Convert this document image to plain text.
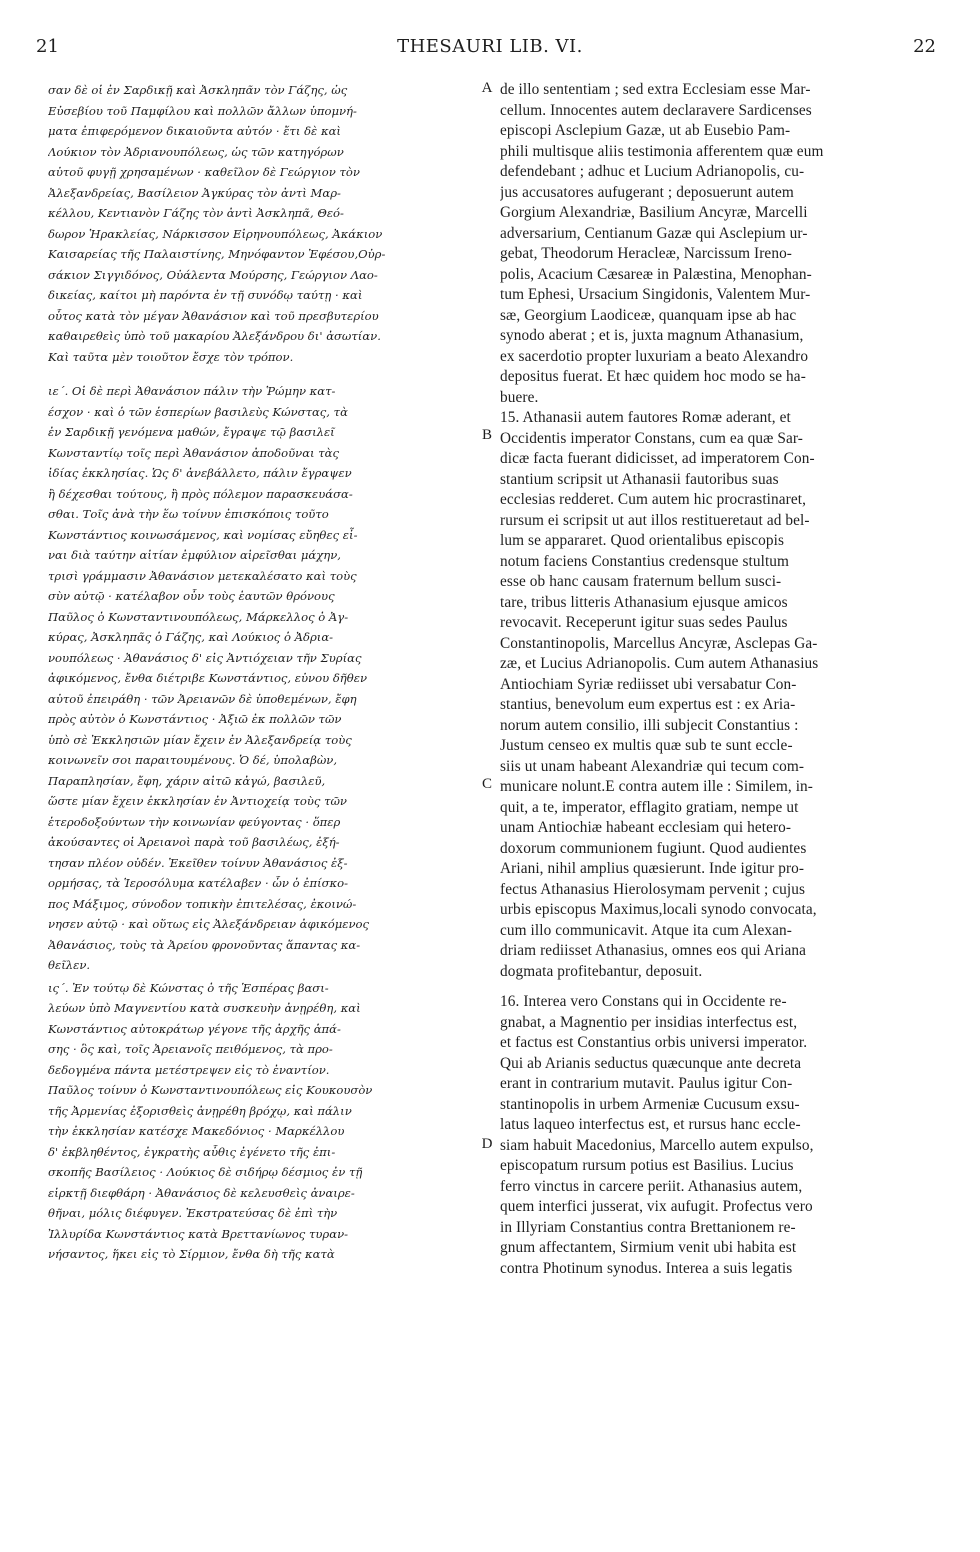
21	THESAURI LIB. VI.	22
A
B
C
D
σαν δὲ οἱ ἐν Σαρδικῇ καὶ Ἀσκληπᾶν τὸν Γάζης, ὡς
Εὐσεβίου τοῦ Παμφίλου καὶ πολλῶν ἄλλων ὑπομνή-
ματα ἐπιφερόμενον δικαιοῦντα αὐτόν · ἔτι δὲ καὶ
Λούκιον τὸν Ἀδριανουπόλεως, ὡς τῶν κατηγόρων
αὐτοῦ φυγῇ χρησαμένων · καθεῖλον δὲ Γεώργιον τὸν
Ἀλεξανδρείας, Βασίλειον Ἀγκύρας τὸν ἀντὶ Μαρ-
κέλλου, Κεντιανὸν Γάζης τὸν ἀντὶ Ἀσκληπᾶ, Θεό-
δωρον Ἡρακλείας, Νάρκισσον Εἰρηνουπόλεως, Ἀκάκιον
Καισαρείας τῆς Παλαιστίνης, Μηνόφαντον Ἐφέσου,Οὐρ-
σάκιον Σιγγιδόνος, Οὐάλεντα Μούρσης, Γεώργιον Λαο-
δικείας, καίτοι μὴ παρόντα ἐν τῇ συνόδῳ ταύτῃ · καὶ
οὗτος κατὰ τὸν μέγαν Ἀθανάσιον καὶ τοῦ πρεσβυτερίου
καθαιρεθεὶς ὑπὸ τοῦ μακαρίου Ἀλεξάνδρου δι' ἀσωτίαν.
Καὶ ταῦτα μὲν τοιοῦτον ἔσχε τὸν τρόπον.
ιε΄. Οἱ δὲ περὶ Ἀθανάσιον πάλιν τὴν Ῥώμην κατ-
έσχον · καὶ ὁ τῶν ἑσπερίων βασιλεὺς Κώνστας, τὰ
ἐν Σαρδικῇ γενόμενα μαθών, ἔγραψε τῷ βασιλεῖ
Κωνσταντίῳ τοῖς περὶ Ἀθανάσιον ἀποδοῦναι τὰς
ἰδίας ἐκκλησίας. Ὡς δ' ἀνεβάλλετο, πάλιν ἔγραψεν
ἢ δέχεσθαι τούτους, ἢ πρὸς πόλεμον παρασκευάσα-
σθαι. Τοῖς ἀνὰ τὴν ἕω τοίνυν ἐπισκόποις τοῦτο
Κωνστάντιος κοινωσάμενος, καὶ νομίσας εὔηθες εἶ-
ναι διὰ ταύτην αἰτίαν ἐμφύλιον αἱρεῖσθαι μάχην,
τρισὶ γράμμασιν Ἀθανάσιον μετεκαλέσατο καὶ τοὺς
σὺν αὐτῷ · κατέλαβον οὖν τοὺς ἑαυτῶν θρόνους
Παῦλος ὁ Κωνσταντινουπόλεως, Μάρκελλος ὁ Ἀγ-
κύρας, Ἀσκληπᾶς ὁ Γάζης, καὶ Λούκιος ὁ Ἀδρια-
νουπόλεως · Ἀθανάσιος δ' εἰς Ἀντιόχειαν τῆν Συρίας
ἀφικόμενος, ἔνθα διέτριβε Κωνστάντιος, εὐνου δῆθεν
αὐτοῦ ἐπειράθη · τῶν Ἀρειανῶν δὲ ὑποθεμένων, ἔφη
πρὸς αὐτὸν ὁ Κωνστάντιος · Ἀξιῶ ἐκ πολλῶν τῶν
ὑπὸ σὲ Ἐκκλησιῶν μίαν ἔχειν ἐν Ἀλεξανδρείᾳ τοὺς
κοινωνεῖν σοι παραιτουμένους. Ὁ δέ, ὑπολαβὼν,
Παραπλησίαν, ἔφη, χάριν αἰτῶ κἀγώ, βασιλεῦ,
ὥστε μίαν ἔχειν ἐκκλησίαν ἐν Ἀντιοχείᾳ τοὺς τῶν
ἑτεροδοξούντων τὴν κοινωνίαν φεύγοντας · ὅπερ
ἀκούσαντες οἱ Ἀρειανοὶ παρὰ τοῦ βασιλέως, ἐξή-
τησαν πλέον οὐδέν. Ἐκεῖθεν τοίνυν Ἀθανάσιος ἐξ-
ορμήσας, τὰ Ἱεροσόλυμα κατέλαβεν · ὧν ὁ ἐπίσκο-
πος Μάξιμος, σύνοδον τοπικὴν ἐπιτελέσας, ἐκοινώ-
νησεν αὐτῷ · καὶ οὕτως εἰς Ἀλεξάνδρειαν ἀφικόμενος
Ἀθανάσιος, τοὺς τὰ Ἀρείου φρονοῦντας ἅπαντας κα-
θεῖλεν.
ις΄. Ἐν τούτῳ δὲ Κώνστας ὁ τῆς Ἑσπέρας βασι-
λεύων ὑπὸ Μαγνεντίου κατὰ συσκευὴν ἀνῃρέθη, καὶ
Κωνστάντιος αὐτοκράτωρ γέγονε τῆς ἀρχῆς ἁπά-
σης · ὃς καὶ, τοῖς Ἀρειανοῖς πειθόμενος, τὰ προ-
δεδογμένα πάντα μετέστρεψεν εἰς τὸ ἐναντίον.
Παῦλος τοίνυν ὁ Κωνσταντινουπόλεως εἰς Κουκουσὸν
τῆς Ἀρμενίας ἐξορισθεὶς ἀνῃρέθη βρόχῳ, καὶ πάλιν
τὴν ἐκκλησίαν κατέσχε Μακεδόνιος · Μαρκέλλου
δ' ἐκβληθέντος, ἐγκρατὴς αὖθις ἐγένετο τῆς ἐπι-
σκοπῆς Βασίλειος · Λούκιος δὲ σιδήρῳ δέσμιος ἐν τῇ
εἱρκτῇ διεφθάρη · Ἀθανάσιος δὲ κελευσθεὶς ἀναιρε-
θῆναι, μόλις διέφυγεν. Ἐκστρατεύσας δὲ ἐπὶ τὴν
Ἰλλυρίδα Κωνστάντιος κατὰ Βρεττανίωνος τυραν-
νήσαντος, ἥκει εἰς τὸ Σίρμιον, ἔνθα δὴ τῆς κατὰ
de illo sententiam ; sed extra Ecclesiam esse Mar-
cellum. Innocentes autem declaravere Sardicenses
episcopi Asclepium Gazæ, ut ab Eusebio Pam-
phili multisque aliis testimonia afferentem quæ eum
defendebant ; adhuc et Lucium Adrianopolis, cu-
jus accusatores aufugerant ; deposuerunt autem
Gorgium Alexandriæ, Basilium Ancyræ, Marcelli
adversarium, Centianum Gazæ qui Asclepium ur-
gebat, Theodorum Heracleæ, Narcissum Ireno-
polis, Acacium Cæsareæ in Palæstina, Menophan-
tum Ephesi, Ursacium Singidonis, Valentem Mur-
sæ, Georgium Laodiceæ, quanquam ipse ab hac
synodo aberat ; et is, juxta magnum Athanasium,
ex sacerdotio propter luxuriam a beato Alexandro
depositus fuerat. Et hæc quidem hoc modo se ha-
buere.
15. Athanasii autem fautores Romæ aderant, et
Occidentis imperator Constans, cum ea quæ Sar-
dicæ facta fuerant didicisset, ad imperatorem Con-
stantium scripsit ut Athanasii fautoribus suas
ecclesias redderet. Cum autem hic procrastinaret,
rursum ei scripsit ut aut illos restitueretaut ad bel-
lum se appararet. Quod orientalibus episcopis
notum faciens Constantius credensque stultum
esse ob hanc causam fraternum bellum susci-
tare, tribus litteris Athanasium ejusque amicos
revocavit. Receperunt igitur suas sedes Paulus
Constantinopolis, Marcellus Ancyræ, Asclepas Ga-
zæ, et Lucius Adrianopolis. Cum autem Athanasius
Antiochiam Syriæ rediisset ubi versabatur Con-
stantius, benevolum eum expertus est : ex Aria-
norum autem consilio, illi subjecit Constantius :
Justum censeo ex multis quæ sub te sunt eccle-
siis ut unam habeant Alexandriæ qui tecum com-
municare nolunt.E contra autem ille : Similem, in-
quit, a te, imperator, efflagito gratiam, nempe ut
unam Antiochiæ habeant ecclesiam qui hetero-
doxorum communionem fugiunt. Quod audientes
Ariani, nihil amplius quæsierunt. Inde igitur pro-
fectus Athanasius Hierolosymam pervenit ; cujus
urbis episcopus Maximus,locali synodo convocata,
cum illo communicavit. Atque ita cum Alexan-
driam rediisset Athanasius, omnes eos qui Ariana
dogmata profitebantur, deposuit.
16. Interea vero Constans qui in Occidente re-
gnabat, a Magnentio per insidias interfectus est,
et factus est Constantius orbis universi imperator.
Qui ab Arianis seductus quæcunque ante decreta
erant in contrarium mutavit. Paulus igitur Con-
stantinopolis in urbem Armeniæ Cucusum exsu-
latus laqueo interfectus est, et rursus hanc eccle-
siam habuit Macedonius, Marcello autem expulso,
episcopatum rursum potius est Basilius. Lucius
ferro vinctus in carcere periit. Athanasius autem,
quem interfici jusserat, vix aufugit. Profectus vero
in Illyriam Constantius contra Brettanionem re-
gnum affectantem, Sirmium venit ubi habita est
contra Photinum synodus. Interea a suis legatis
